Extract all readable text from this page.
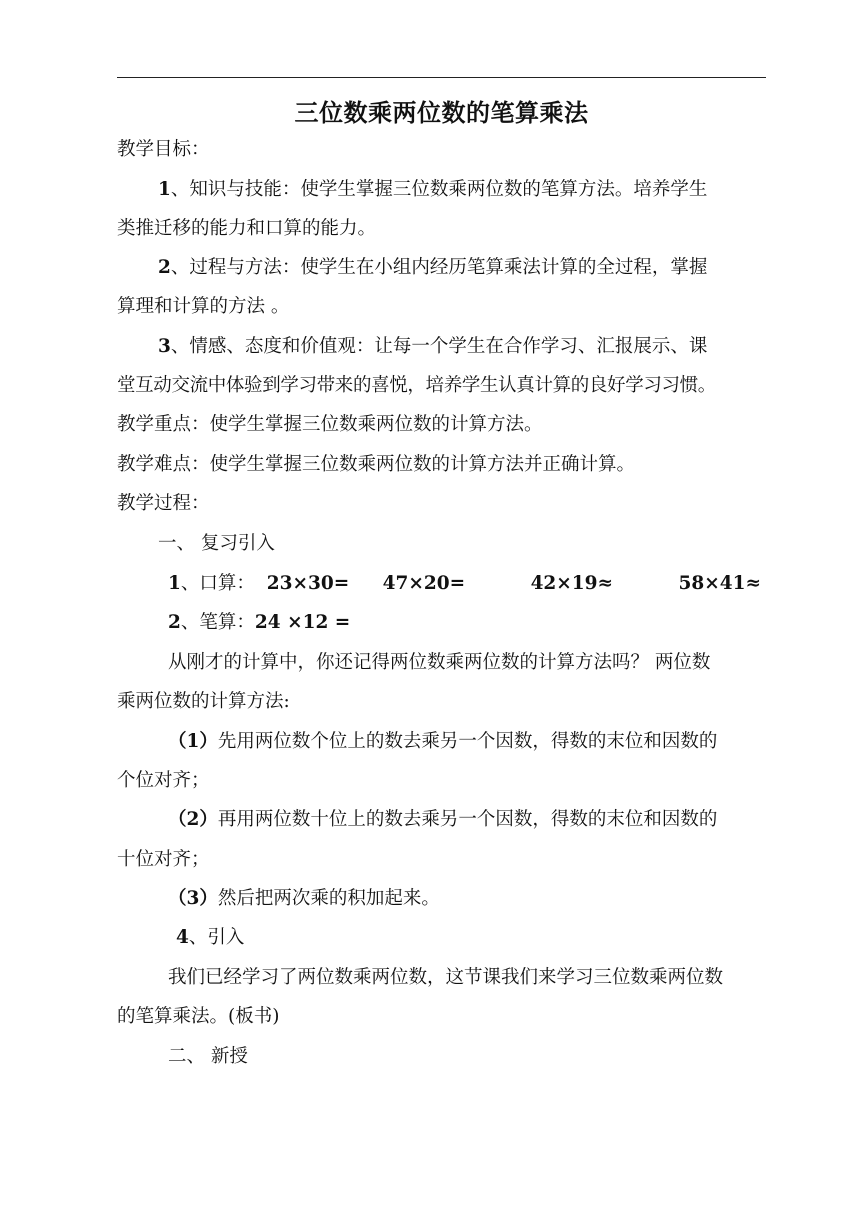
三位数乘两位数的笔算乘法
教学目标：
1、知识与技能：使学生掌握三位数乘两位数的笔算方法。培养学生
类推迁移的能力和口算的能力。
2、过程与方法：使学生在小组内经历笔算乘法计算的全过程，掌握
算理和计算的方法 。
3、情感、态度和价值观：让每一个学生在合作学习、汇报展示、课
堂互动交流中体验到学习带来的喜悦，培养学生认真计算的良好学习习惯。
教学重点：使学生掌握三位数乘两位数的计算方法。
教学难点：使学生掌握三位数乘两位数的计算方法并正确计算。
教学过程：
一、 复习引入
1、口算： 23×30= 47×20=	42×19≈	58×41≈
2、笔算：24 ×12 =
从刚才的计算中，你还记得两位数乘两位数的计算方法吗？ 两位数
乘两位数的计算方法:
（1）先用两位数个位上的数去乘另一个因数，得数的末位和因数的
个位对齐；
（2）再用两位数十位上的数去乘另一个因数，得数的末位和因数的
十位对齐；
（3）然后把两次乘的积加起来。
4、引入
我们已经学习了两位数乘两位数，这节课我们来学习三位数乘两位数
的笔算乘法。(板书)
二、 新授
